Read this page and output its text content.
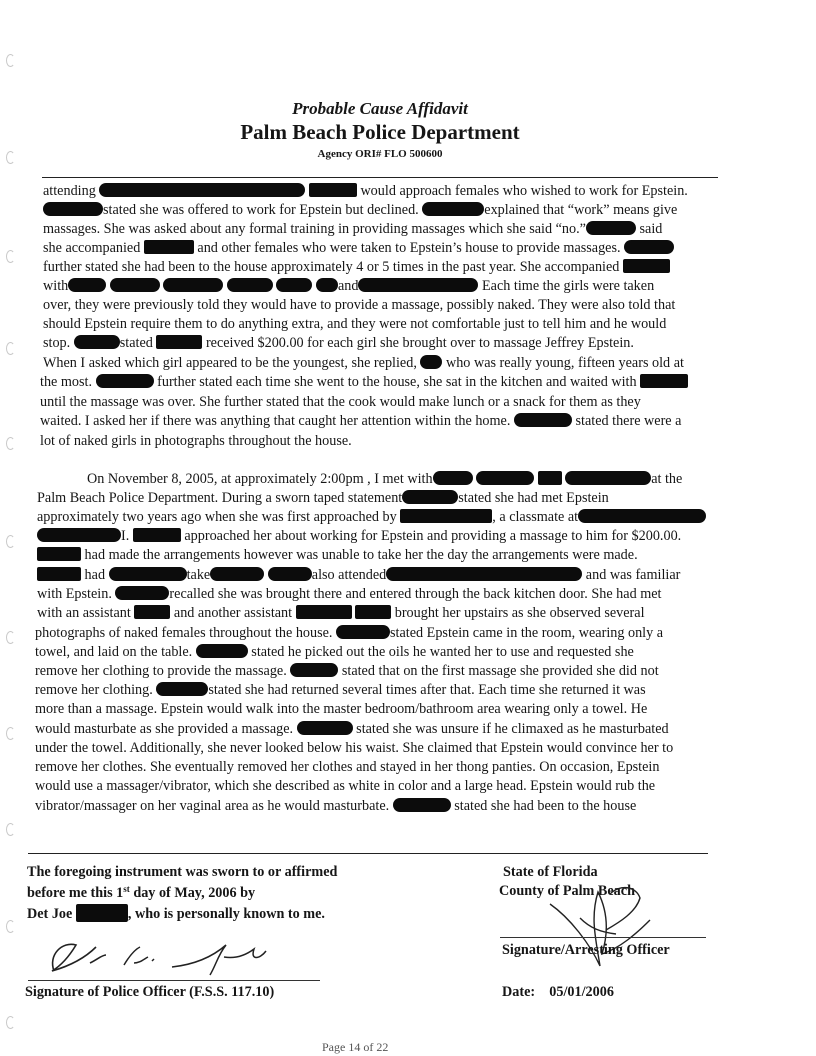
Probable Cause Affidavit
Palm Beach Police Department
Agency ORI# FLO 500600
attending	would approach females who wished to work for Epstein.
stated she was offered to work for Epstein but declined.	explained that “work” means give
massages. She was asked about any formal training in providing massages which she said “no.”	said
she accompanied	and other females who were taken to Epstein’s house to provide massages.
further stated she had been to the house approximately 4 or 5 times in the past year. She accompanied
with	and	Each time the girls were taken
over, they were previously told they would have to provide a massage, possibly naked. They were also told that
should Epstein require them to do anything extra, and they were not comfortable just to tell him and he would
stop.	stated	received $200.00 for each girl she brought over to massage Jeffrey Epstein.
When I asked which girl appeared to be the youngest, she replied, who was really young, fifteen years old at
the most.	further stated each time she went to the house, she sat in the kitchen and waited with
until the massage was over. She further stated that the cook would make lunch or a snack for them as they
waited. I asked her if there was anything that caught her attention within the home.	stated there were a
lot of naked girls in photographs throughout the house.
On November 8, 2005, at approximately 2:00pm , I met with	at the
Palm Beach Police Department. During a sworn taped statement	stated she had met Epstein
approximately two years ago when she was first approached by	, a classmate at
I.	approached her about working for Epstein and providing a massage to him for $200.00.
had made the arrangements however was unable to take her the day the arrangements were made.
had	take	also attended	and was familiar
with Epstein.	recalled she was brought there and entered through the back kitchen door. She had met
with an assistant	and another assistant	brought her upstairs as she observed several
photographs of naked females throughout the house.	stated Epstein came in the room, wearing only a
towel, and laid on the table.	stated he picked out the oils he wanted her to use and requested she
remove her clothing to provide the massage.	stated that on the first massage she provided she did not
remove her clothing.	stated she had returned several times after that. Each time she returned it was
more than a massage. Epstein would walk into the master bedroom/bathroom area wearing only a towel. He
would masturbate as she provided a massage.	stated she was unsure if he climaxed as he masturbated
under the towel. Additionally, she never looked below his waist. She claimed that Epstein would convince her to
remove her clothes. She eventually removed her clothes and stayed in her thong panties. On occasion, Epstein
would use a massager/vibrator, which she described as white in color and a large head. Epstein would rub the
vibrator/massager on her vaginal area as he would masturbate.	stated she had been to the house
The foregoing instrument was sworn to or affirmed
before me this 1st day of May, 2006 by
Det Joe	, who is personally known to me.
Signature of Police Officer (F.S.S. 117.10)
State of Florida
County of Palm Beach
Signature/Arresting Officer
Date: 05/01/2006
Page 14 of 22
